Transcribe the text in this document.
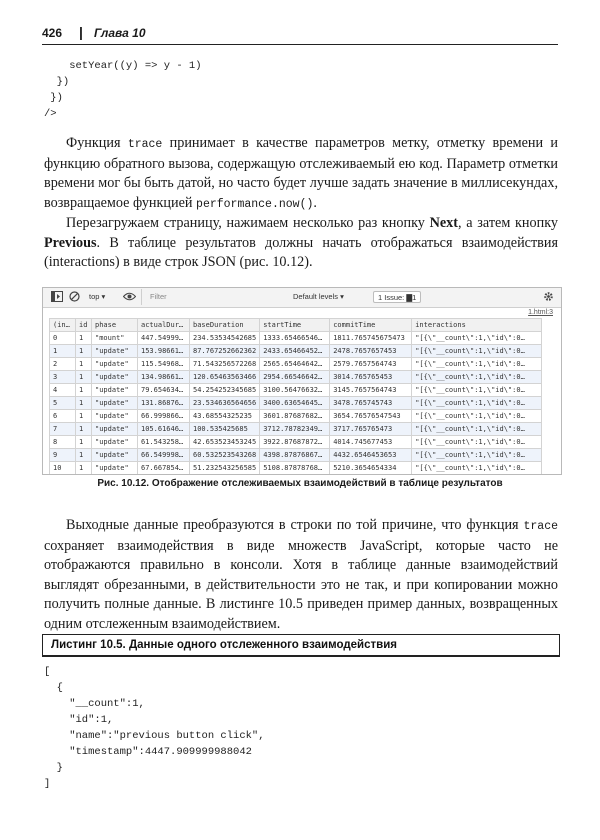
426 | Глава 10
setYear((y) => y - 1)
})
})
/>

Функция trace принимает в качестве параметров метку, отметку времени и функцию обратного вызова, содержащую отслеживаемый ею код. Параметр отметки времени мог бы быть датой, но часто будет лучше задать значение в миллисекундах, возвращаемое функцией performance.now().

Перезагружаем страницу, нажимаем несколько раз кнопку Next, а затем кнопку Previous. В таблице результатов должны начать отображаться взаимодействия (interactions) в виде строк JSON (рис. 10.12).

top ▾	Filter	Default levels ▾	1 Issue: ▇1
1.html:3
(in…	id	phase	actualDur…	baseDuration	startTime	commitTime	interactions
0	1	"mount"	447.54999…	234.53534542685	1333.65466546…	1811.765745675473	"[{\"__count\":1,\"id\":0…
1	1	"update"	153.98661…	87.767252662362	2433.65466452…	2478.7657657453	"[{\"__count\":1,\"id\":0…
2	1	"update"	115.54968…	71.543256572268	2565.65464642…	2579.7657564743	"[{\"__count\":1,\"id\":0…
3	1	"update"	134.98661…	120.65463563466	2954.66546642…	3014.765765453	"[{\"__count\":1,\"id\":0…
4	1	"update"	79.654634…	54.254252345685	3100.56476632…	3145.7657564743	"[{\"__count\":1,\"id\":0…
5	1	"update"	131.86876…	23.534636564656	3400.63654645…	3478.765745743	"[{\"__count\":1,\"id\":0…
6	1	"update"	66.999866…	43.68554325235	3601.87687682…	3654.76576547543	"[{\"__count\":1,\"id\":0…
7	1	"update"	105.61646…	100.535425685	3712.78782349…	3717.765765473	"[{\"__count\":1,\"id\":0…
8	1	"update"	61.543258…	42.653523453245	3922.87687872…	4014.745677453	"[{\"__count\":1,\"id\":0…
9	1	"update"	66.549998…	60.532523543268	4398.87876867…	4432.6546453653	"[{\"__count\":1,\"id\":0…
10	1	"update"	67.667854…	51.232543256585	5108.87878768…	5210.3654654334	"[{\"__count\":1,\"id\":0…
Рис. 10.12. Отображение отслеживаемых взаимодействий в таблице результатов

Выходные данные преобразуются в строки по той причине, что функция trace сохраняет взаимодействия в виде множеств JavaScript, которые часто не отображаются правильно в консоли. Хотя в таблице данные взаимодействий выглядят обрезанными, в действительности это не так, и при копировании можно получить полные данные. В листинге 10.5 приведен пример данных, возвращенных одним отслеженным взаимодействием.

Листинг 10.5. Данные одного отслеженного взаимодействия
[
{
"__count":1,
"id":1,
"name":"previous button click",
"timestamp":4447.909999988042
}
]
